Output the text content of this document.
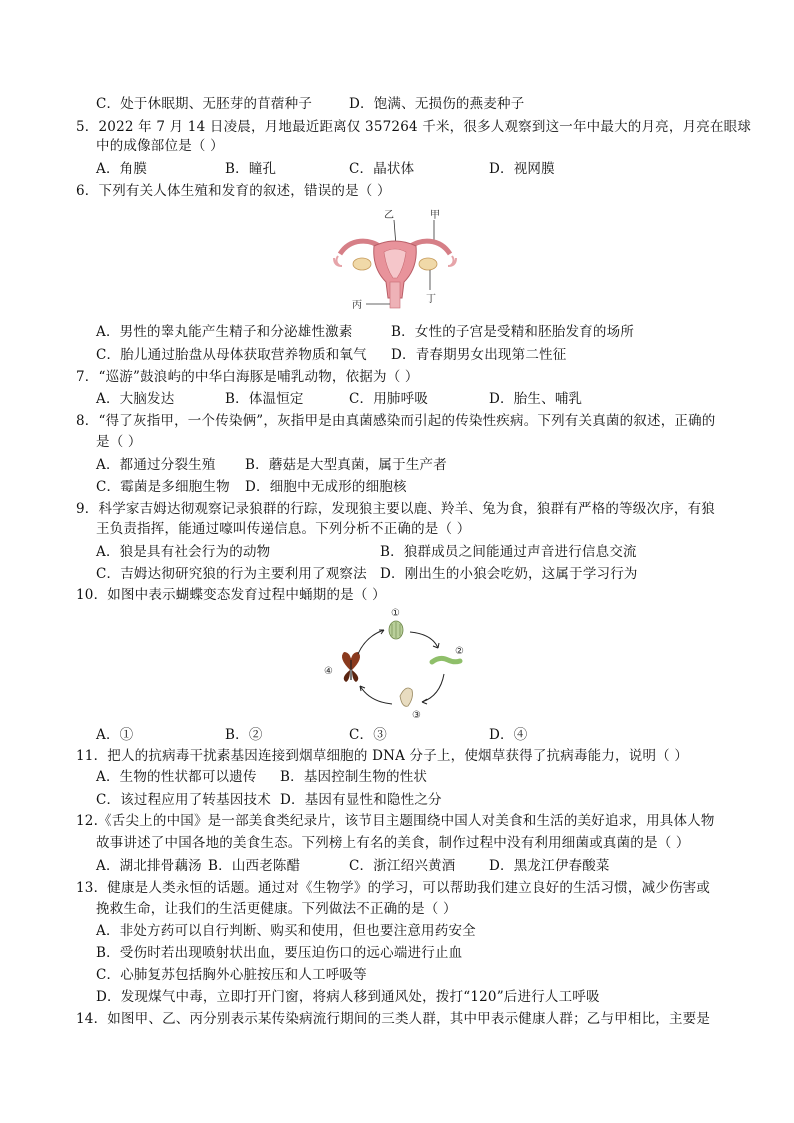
C．处于休眠期、无胚芽的苜蓿种子	D．饱满、无损伤的燕麦种子
5．2022 年 7 月 14 日凌晨，月地最近距离仅 357264 千米，很多人观察到这一年中最大的月亮，月亮在眼球
中的成像部位是（ ）
A．角膜	B．瞳孔	C．晶状体	D．视网膜
6．下列有关人体生殖和发育的叙述，错误的是（ ）
乙	甲
丙
丁
A．男性的睾丸能产生精子和分泌雄性激素	B．女性的子宫是受精和胚胎发育的场所
C．胎儿通过胎盘从母体获取营养物质和氧气 D．青春期男女出现第二性征
7．“巡游”鼓浪屿的中华白海豚是哺乳动物，依据为（ ）
A．大脑发达	B．体温恒定	C．用肺呼吸	D．胎生、哺乳
8．“得了灰指甲，一个传染俩”，灰指甲是由真菌感染而引起的传染性疾病。下列有关真菌的叙述，正确的
是（ ）
A．都通过分裂生殖 B．蘑菇是大型真菌，属于生产者
C．霉菌是多细胞生物 D．细胞中无成形的细胞核
9．科学家吉姆达彻观察记录狼群的行踪，发现狼主要以鹿、羚羊、兔为食，狼群有严格的等级次序，有狼
王负责指挥，能通过嚎叫传递信息。下列分析不正确的是（ ）
A．狼是具有社会行为的动物	B．狼群成员之间能通过声音进行信息交流
C．吉姆达彻研究狼的行为主要利用了观察法 D．刚出生的小狼会吃奶，这属于学习行为
10．如图中表示蝴蝶变态发育过程中蛹期的是（ ）
①
②
③
④
A．①	B．②	C．③	D．④
11．把人的抗病毒干扰素基因连接到烟草细胞的 DNA 分子上，使烟草获得了抗病毒能力，说明（ ）
A．生物的性状都可以遗传 B．基因控制生物的性状
C．该过程应用了转基因技术 D．基因有显性和隐性之分
12.《舌尖上的中国》是一部美食类纪录片，该节目主题围绕中国人对美食和生活的美好追求，用具体人物
故事讲述了中国各地的美食生态。下列榜上有名的美食，制作过程中没有利用细菌或真菌的是（ ）
A．湖北排骨藕汤 B．山西老陈醋	C．浙江绍兴黄酒 D．黑龙江伊春酸菜
13．健康是人类永恒的话题。通过对《生物学》的学习，可以帮助我们建立良好的生活习惯，减少伤害或
挽救生命，让我们的生活更健康。下列做法不正确的是（ ）
A．非处方药可以自行判断、购买和使用，但也要注意用药安全
B．受伤时若出现喷射状出血，要压迫伤口的远心端进行止血
C．心肺复苏包括胸外心脏按压和人工呼吸等
D．发现煤气中毒，立即打开门窗，将病人移到通风处，拨打“120”后进行人工呼吸
14．如图甲、乙、丙分别表示某传染病流行期间的三类人群，其中甲表示健康人群；乙与甲相比，主要是
